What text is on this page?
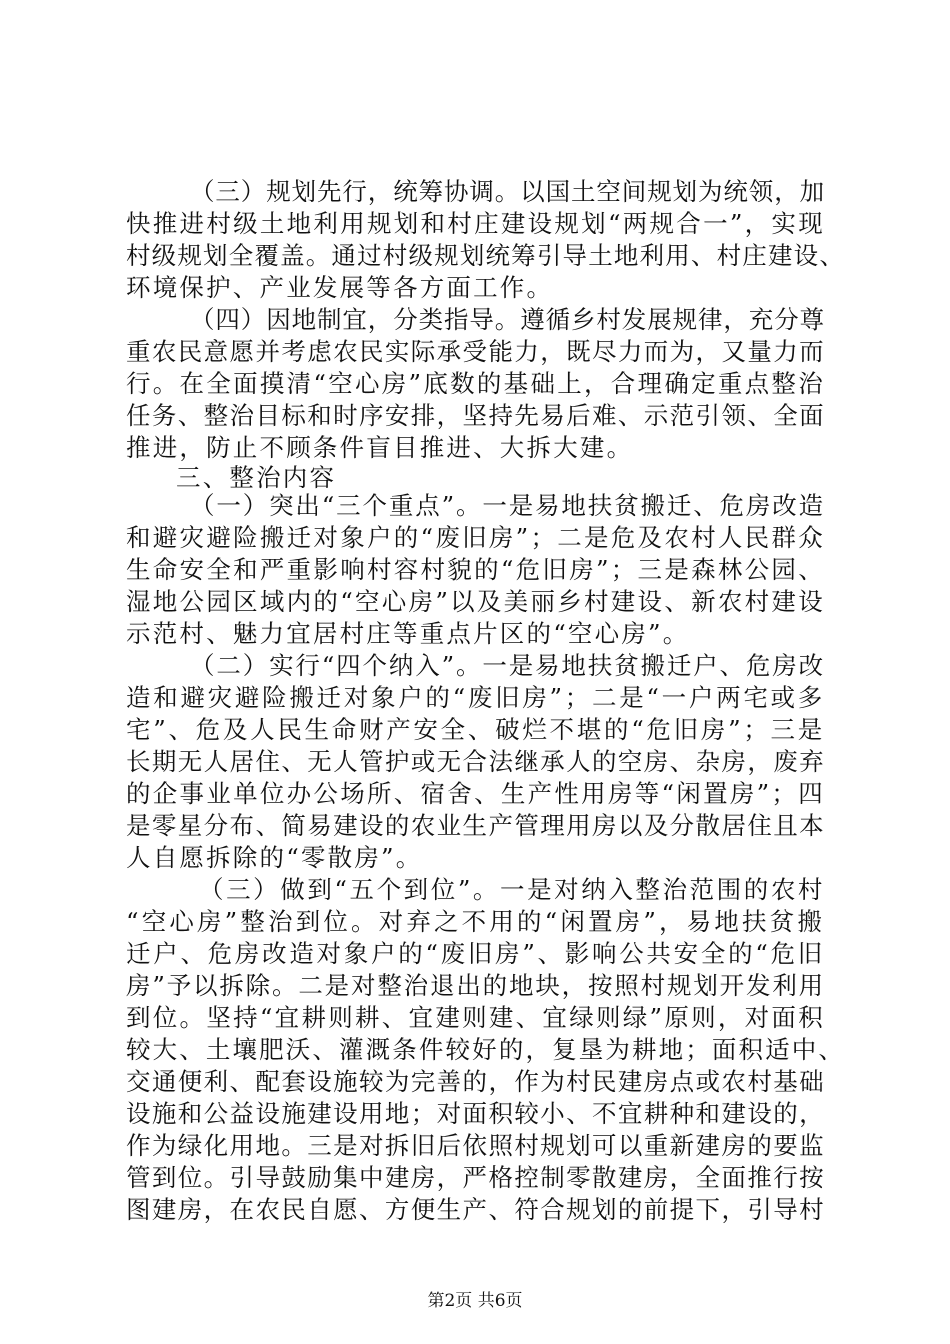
（三）规划先行，统筹协调。以国土空间规划为统领，加
快推进村级土地利用规划和村庄建设规划“两规合一”，实现
村级规划全覆盖。通过村级规划统筹引导土地利用、村庄建设、
环境保护、产业发展等各方面工作。
（四）因地制宜，分类指导。遵循乡村发展规律，充分尊
重农民意愿并考虑农民实际承受能力，既尽力而为，又量力而
行。在全面摸清“空心房”底数的基础上，合理确定重点整治
任务、整治目标和时序安排，坚持先易后难、示范引领、全面
推进，防止不顾条件盲目推进、大拆大建。
三、整治内容
（一）突出“三个重点”。一是易地扶贫搬迁、危房改造
和避灾避险搬迁对象户的“废旧房”；二是危及农村人民群众
生命安全和严重影响村容村貌的“危旧房”；三是森林公园、
湿地公园区域内的“空心房”以及美丽乡村建设、新农村建设
示范村、魅力宜居村庄等重点片区的“空心房”。
（二）实行“四个纳入”。一是易地扶贫搬迁户、危房改
造和避灾避险搬迁对象户的“废旧房”；二是“一户两宅或多
宅”、危及人民生命财产安全、破烂不堪的“危旧房”；三是
长期无人居住、无人管护或无合法继承人的空房、杂房，废弃
的企事业单位办公场所、宿舍、生产性用房等“闲置房”；四
是零星分布、简易建设的农业生产管理用房以及分散居住且本
人自愿拆除的“零散房”。
（三）做到“五个到位”。一是对纳入整治范围的农村
“空心房”整治到位。对弃之不用的“闲置房”，易地扶贫搬
迁户、危房改造对象户的“废旧房”、影响公共安全的“危旧
房”予以拆除。二是对整治退出的地块，按照村规划开发利用
到位。坚持“宜耕则耕、宜建则建、宜绿则绿”原则，对面积
较大、土壤肥沃、灌溉条件较好的，复垦为耕地；面积适中、
交通便利、配套设施较为完善的，作为村民建房点或农村基础
设施和公益设施建设用地；对面积较小、不宜耕种和建设的，
作为绿化用地。三是对拆旧后依照村规划可以重新建房的要监
管到位。引导鼓励集中建房，严格控制零散建房，全面推行按
图建房，在农民自愿、方便生产、符合规划的前提下，引导村
第2页 共6页
